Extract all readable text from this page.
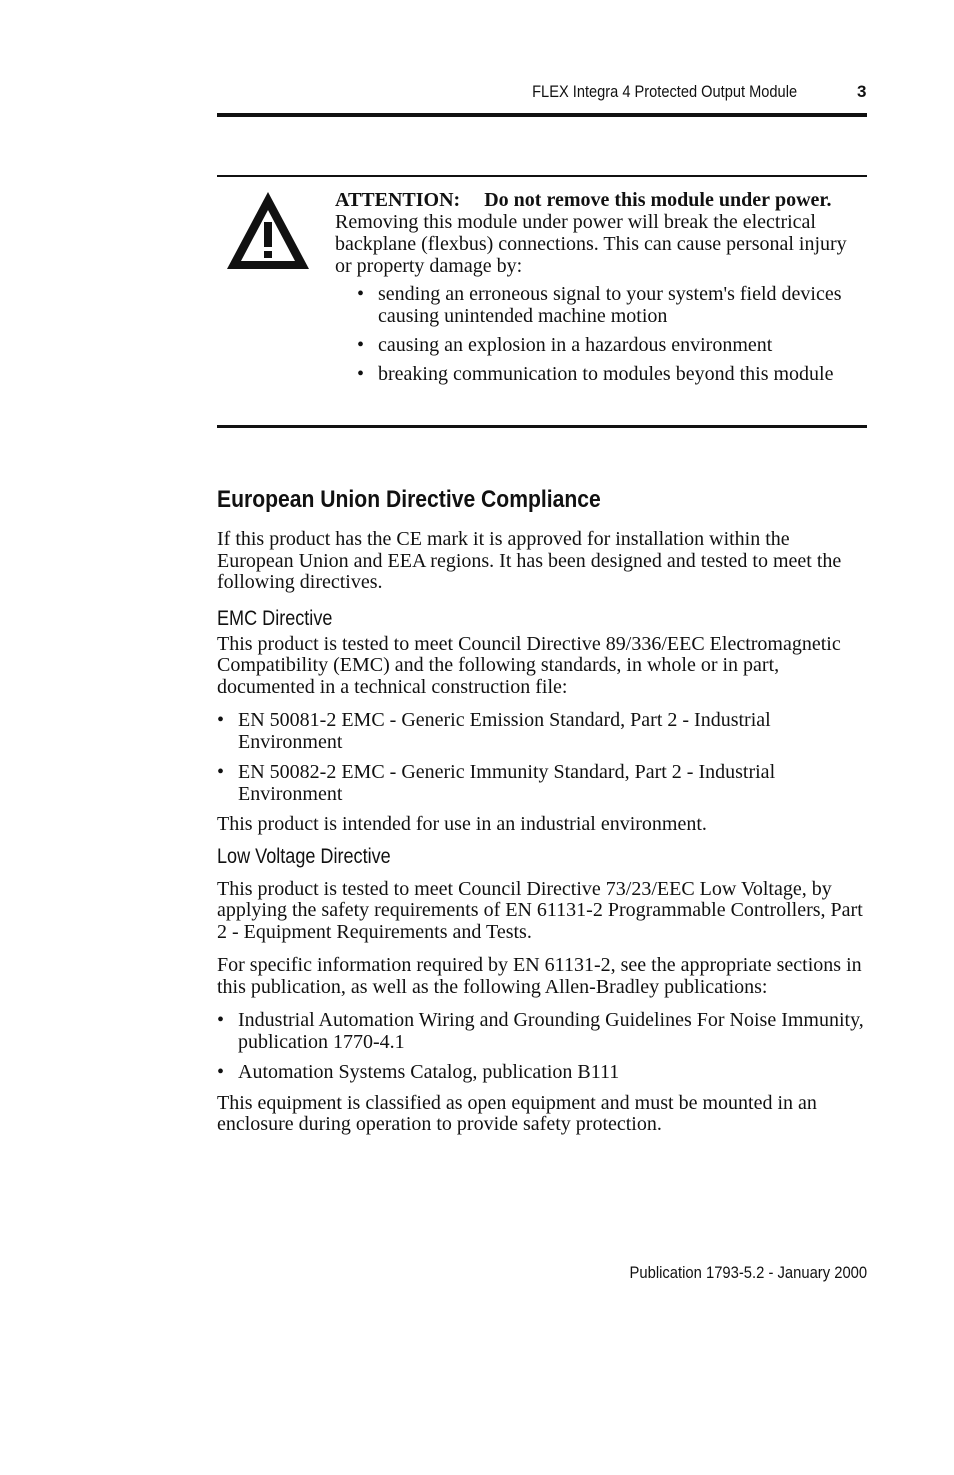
FLEX Integra 4 Protected Output Module	3
ATTENTION: Do not remove this module under power. Removing this module under power will break the electrical backplane (flexbus) connections. This can cause personal injury or property damage by:
• sending an erroneous signal to your system's field devices causing unintended machine motion
• causing an explosion in a hazardous environment
• breaking communication to modules beyond this module
European Union Directive Compliance

If this product has the CE mark it is approved for installation within the European Union and EEA regions. It has been designed and tested to meet the following directives.

EMC Directive

This product is tested to meet Council Directive 89/336/EEC Electromagnetic Compatibility (EMC) and the following standards, in whole or in part, documented in a technical construction file:

• EN 50081-2 EMC - Generic Emission Standard, Part 2 - Industrial Environment
• EN 50082-2 EMC - Generic Immunity Standard, Part 2 - Industrial Environment

This product is intended for use in an industrial environment.

Low Voltage Directive

This product is tested to meet Council Directive 73/23/EEC Low Voltage, by applying the safety requirements of EN 61131-2 Programmable Controllers, Part 2 - Equipment Requirements and Tests.

For specific information required by EN 61131-2, see the appropriate sections in this publication, as well as the following Allen-Bradley publications:

• Industrial Automation Wiring and Grounding Guidelines For Noise Immunity, publication 1770-4.1
• Automation Systems Catalog, publication B111

This equipment is classified as open equipment and must be mounted in an enclosure during operation to provide safety protection.

Publication 1793-5.2 - January 2000
